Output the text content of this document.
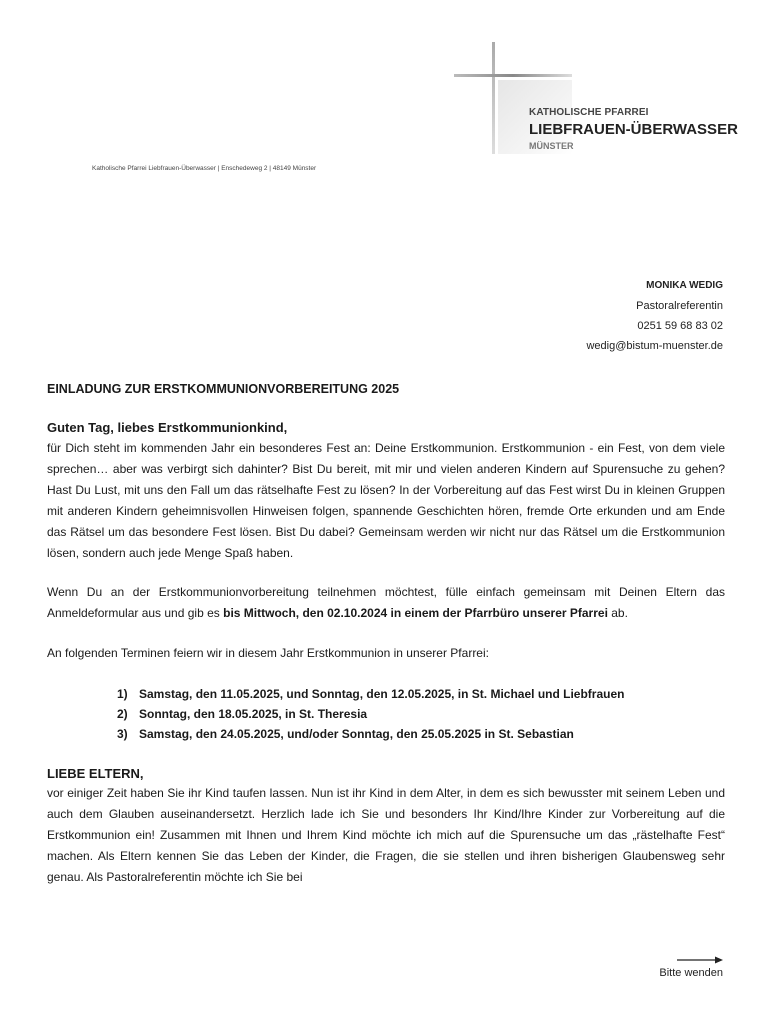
KATHOLISCHE PFARREI
LIEBFRAUEN-ÜBERWASSER
MÜNSTER
Katholische Pfarrei Liebfrauen-Überwasser | Enschedeweg 2 | 48149 Münster
MONIKA WEDIG
Pastoralreferentin
0251 59 68 83 02
wedig@bistum-muenster.de
EINLADUNG ZUR ERSTKOMMUNIONVORBEREITUNG 2025
Guten Tag, liebes Erstkommunionkind,

für Dich steht im kommenden Jahr ein besonderes Fest an: Deine Erstkommunion. Erstkommunion - ein Fest, von dem viele sprechen… aber was verbirgt sich dahinter? Bist Du bereit, mit mir und vielen anderen Kindern auf Spurensuche zu gehen? Hast Du Lust, mit uns den Fall um das rätselhafte Fest zu lösen? In der Vorbereitung auf das Fest wirst Du in kleinen Gruppen mit anderen Kindern geheimnisvollen Hinweisen folgen, spannende Geschichten hören, fremde Orte erkunden und am Ende das Rätsel um das besondere Fest lösen. Bist Du dabei? Gemeinsam werden wir nicht nur das Rätsel um die Erstkommunion lösen, sondern auch jede Menge Spaß haben.

Wenn Du an der Erstkommunionvorbereitung teilnehmen möchtest, fülle einfach gemeinsam mit Deinen Eltern das Anmeldeformular aus und gib es bis Mittwoch, den 02.10.2024 in einem der Pfarrbüro unserer Pfarrei ab.

An folgenden Terminen feiern wir in diesem Jahr Erstkommunion in unserer Pfarrei:

1) Samstag, den 11.05.2025, und Sonntag, den 12.05.2025, in St. Michael und Liebfrauen
2) Sonntag, den 18.05.2025, in St. Theresia
3) Samstag, den 24.05.2025, und/oder Sonntag, den 25.05.2025 in St. Sebastian
LIEBE ELTERN,

vor einiger Zeit haben Sie ihr Kind taufen lassen. Nun ist ihr Kind in dem Alter, in dem es sich bewusster mit seinem Leben und auch dem Glauben auseinandersetzt. Herzlich lade ich Sie und besonders Ihr Kind/Ihre Kinder zur Vorbereitung auf die Erstkommunion ein! Zusammen mit Ihnen und Ihrem Kind möchte ich mich auf die Spurensuche um das „rästelhafte Fest“ machen. Als Eltern kennen Sie das Leben der Kinder, die Fragen, die sie stellen und ihren bisherigen Glaubensweg sehr genau. Als Pastoralreferentin möchte ich Sie bei

Bitte wenden
